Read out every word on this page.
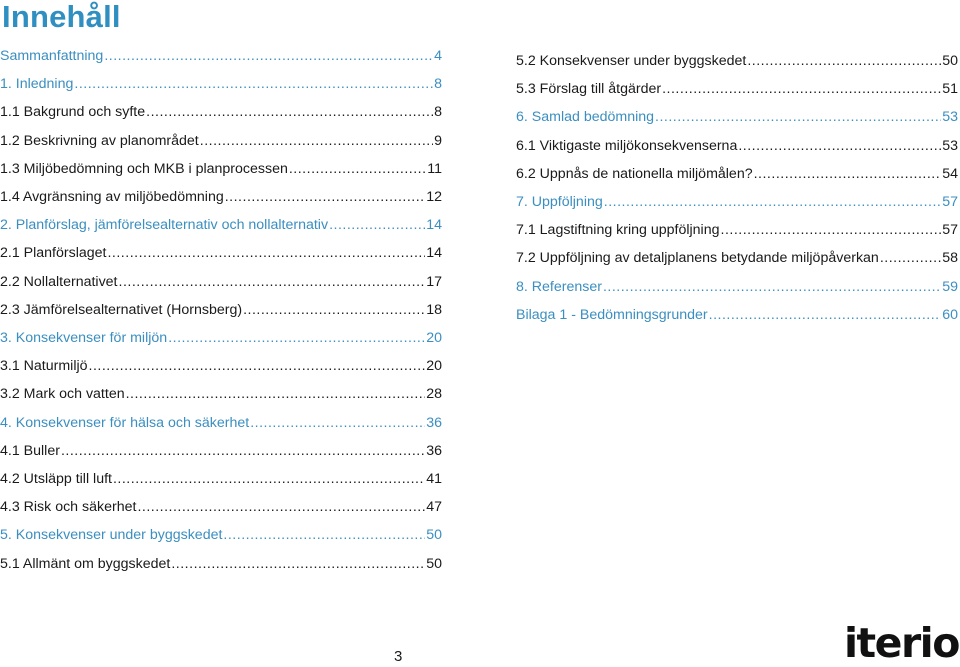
Innehåll
Sammanfattning .....	4
1. Inledning .....	8
1.1 Bakgrund och syfte .....	8
1.2 Beskrivning av planområdet .....	9
1.3 Miljöbedömning och MKB i planprocessen .....	11
1.4 Avgränsning av miljöbedömning .....	12
2. Planförslag, jämförelsealternativ och nollalternativ .....	14
2.1 Planförslaget .....	14
2.2 Nollalternativet .....	17
2.3 Jämförelsealternativet (Hornsberg) .....	18
3. Konsekvenser för miljön .....	20
3.1 Naturmiljö .....	20
3.2 Mark och vatten .....	28
4. Konsekvenser för hälsa och säkerhet .....	36
4.1 Buller .....	36
4.2 Utsläpp till luft .....	41
4.3 Risk och säkerhet .....	47
5. Konsekvenser under byggskedet .....	50
5.1 Allmänt om byggskedet .....	50
5.2 Konsekvenser under byggskedet .....	50
5.3 Förslag till åtgärder .....	51
6. Samlad bedömning .....	53
6.1 Viktigaste miljökonsekvenserna .....	53
6.2 Uppnås de nationella miljömålen? .....	54
7. Uppföljning .....	57
7.1 Lagstiftning kring uppföljning .....	57
7.2 Uppföljning av detaljplanens betydande miljöpåverkan .....	58
8. Referenser .....	59
Bilaga 1 - Bedömningsgrunder .....	60
3	iterio
